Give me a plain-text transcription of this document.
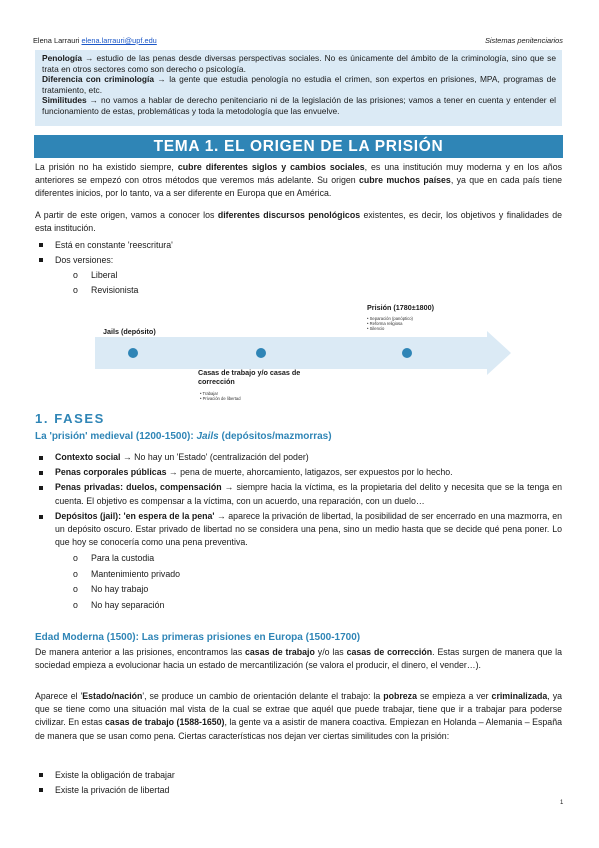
Elena Larrauri elena.larrauri@upf.edu	Sistemas penitenciarios

Penología → estudio de las penas desde diversas perspectivas sociales. No es únicamente del ámbito de la criminología, sino que se trata en otros sectores como son derecho o psicología.

Diferencia con criminología → la gente que estudia penología no estudia el crimen, son expertos en prisiones, MPA, programas de tratamiento, etc.

Similitudes → no vamos a hablar de derecho penitenciario ni de la legislación de las prisiones; vamos a tener en cuenta y entender el funcionamiento de estas, problemáticas y toda la metodología que las envuelve.

TEMA 1. EL ORIGEN DE LA PRISIÓN

La prisión no ha existido siempre, cubre diferentes siglos y cambios sociales, es una institución muy moderna y en los años anteriores se empezó con otros métodos que veremos más adelante. Su origen cubre muchos países, ya que en cada país tiene diferentes inicios, por lo tanto, va a ser diferente en Europa que en América.

A partir de este origen, vamos a conocer los diferentes discursos penológicos existentes, es decir, los objetivos y finalidades de esta institución.

Está en constante 'reescritura'
Dos versiones:
o Liberal
o Revisionista
Jails (depósito)
Casas de trabajo y/o casas de corrección
• Trabajar
• Privación de libertad
Prisión (1780±1800)
• Separación (panóptico)
• Reforma religiosa
• Silencio
1. FASES
La 'prisión' medieval (1200-1500): Jails (depósitos/mazmorras)
Contexto social → No hay un 'Estado' (centralización del poder)
Penas corporales públicas → pena de muerte, ahorcamiento, latigazos, ser expuestos por lo hecho.
Penas privadas: duelos, compensación → siempre hacia la víctima, es la propietaria del delito y necesita que se la tenga en cuenta. El objetivo es compensar a la víctima, con un acuerdo, una reparación, con un duelo…
Depósitos (jail): 'en espera de la pena' → aparece la privación de libertad, la posibilidad de ser encerrado en una mazmorra, en un depósito oscuro. Estar privado de libertad no se considera una pena, sino un medio hasta que se decide qué pena poner. Lo que hoy se conocería como una pena preventiva.
o Para la custodia
o Mantenimiento privado
o No hay trabajo
o No hay separación
Edad Moderna (1500): Las primeras prisiones en Europa (1500-1700)

De manera anterior a las prisiones, encontramos las casas de trabajo y/o las casas de corrección. Estas surgen de manera que la sociedad empieza a evolucionar hacia un estado de mercantilización (se valora el producir, el dinero, el vender…).

Aparece el 'Estado/nación', se produce un cambio de orientación delante el trabajo: la pobreza se empieza a ver criminalizada, ya que se tiene como una situación mal vista de la cual se extrae que aquél que puede trabajar, tiene que ir a trabajar para poderse civilizar. En estas casas de trabajo (1588-1650), la gente va a asistir de manera coactiva. Empiezan en Holanda – Alemania – España de manera que se usan como pena. Ciertas características nos dejan ver ciertas similitudes con la prisión:

Existe la obligación de trabajar
Existe la privación de libertad
1
